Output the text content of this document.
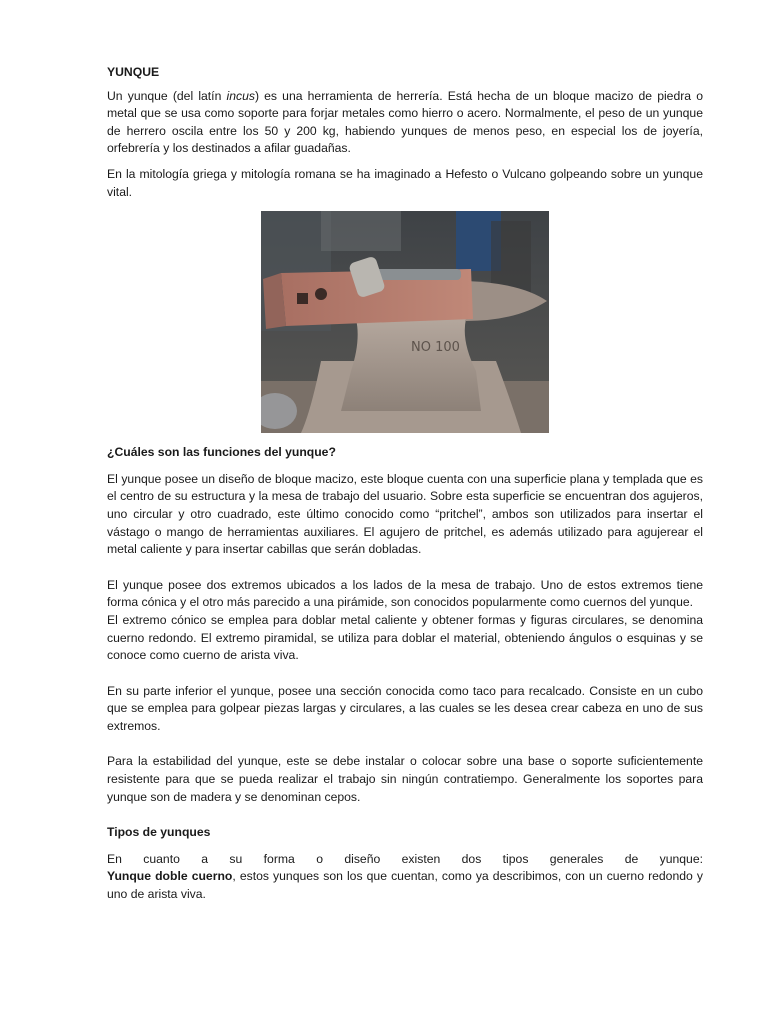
YUNQUE

Un yunque (del latín incus) es una herramienta de herrería. Está hecha de un bloque macizo de piedra o metal que se usa como soporte para forjar metales como hierro o acero. Normalmente, el peso de un yunque de herrero oscila entre los 50 y 200 kg, habiendo yunques de menos peso, en especial los de joyería, orfebrería y los destinados a afilar guadañas.

En la mitología griega y mitología romana se ha imaginado a Hefesto o Vulcano golpeando sobre un yunque vital.

NO 100
¿Cuáles son las funciones del yunque?

El yunque posee un diseño de bloque macizo, este bloque cuenta con una superficie plana y templada que es el centro de su estructura y la mesa de trabajo del usuario. Sobre esta superficie se encuentran dos agujeros, uno circular y otro cuadrado, este último conocido como “pritchel”, ambos son utilizados para insertar el vástago o mango de herramientas auxiliares. El agujero de pritchel, es además utilizado para agujerear el metal caliente y para insertar cabillas que serán dobladas.

El yunque posee dos extremos ubicados a los lados de la mesa de trabajo. Uno de estos extremos tiene forma cónica y el otro más parecido a una pirámide, son conocidos popularmente como cuernos del yunque.

El extremo cónico se emplea para doblar metal caliente y obtener formas y figuras circulares, se denomina cuerno redondo. El extremo piramidal, se utiliza para doblar el material, obteniendo ángulos o esquinas y se conoce como cuerno de arista viva.

En su parte inferior el yunque, posee una sección conocida como taco para recalcado. Consiste en un cubo que se emplea para golpear piezas largas y circulares, a las cuales se les desea crear cabeza en uno de sus extremos.

Para la estabilidad del yunque, este se debe instalar o colocar sobre una base o soporte suficientemente resistente para que se pueda realizar el trabajo sin ningún contratiempo. Generalmente los soportes para yunque son de madera y se denominan cepos.

Tipos de yunques

En cuanto a su forma o diseño existen dos tipos generales de yunque:
Yunque doble cuerno, estos yunques son los que cuentan, como ya describimos, con un cuerno redondo y uno de arista viva.
